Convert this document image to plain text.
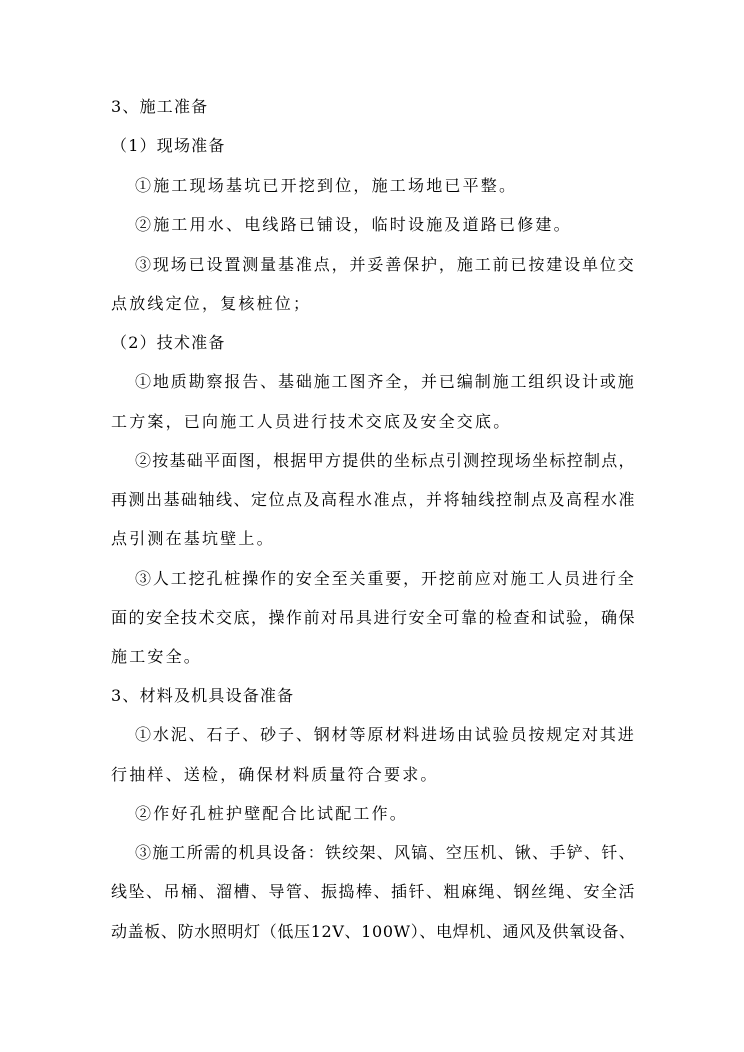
3、施工准备
（1）现场准备
①施工现场基坑已开挖到位，施工场地已平整。
②施工用水、电线路已铺设，临时设施及道路已修建。
③现场已设置测量基准点，并妥善保护，施工前已按建设单位交
点放线定位，复核桩位；
（2）技术准备
①地质勘察报告、基础施工图齐全，并已编制施工组织设计或施
工方案，已向施工人员进行技术交底及安全交底。
②按基础平面图，根据甲方提供的坐标点引测控现场坐标控制点，
再测出基础轴线、定位点及高程水准点，并将轴线控制点及高程水准
点引测在基坑壁上。
③人工挖孔桩操作的安全至关重要，开挖前应对施工人员进行全
面的安全技术交底，操作前对吊具进行安全可靠的检查和试验，确保
施工安全。
3、材料及机具设备准备
①水泥、石子、砂子、钢材等原材料进场由试验员按规定对其进
行抽样、送检，确保材料质量符合要求。
②作好孔桩护壁配合比试配工作。
③施工所需的机具设备：铁绞架、风镐、空压机、锹、手铲、钎、
线坠、吊桶、溜槽、导管、振捣棒、插钎、粗麻绳、钢丝绳、安全活
动盖板、防水照明灯（低压12V、100W）、电焊机、通风及供氧设备、
